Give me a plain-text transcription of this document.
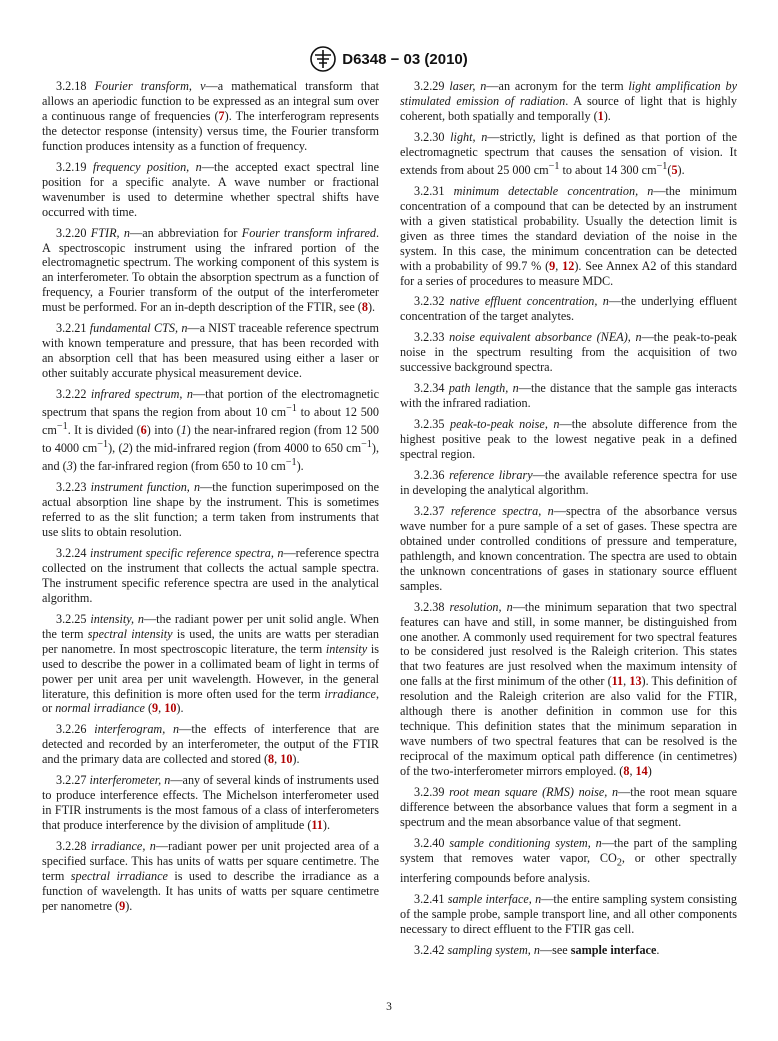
D6348 − 03 (2010)

3.2.18 Fourier transform, v—a mathematical transform that allows an aperiodic function to be expressed as an integral sum over a continuous range of frequencies (7). The interferogram represents the detector response (intensity) versus time, the Fourier transform function produces intensity as a function of frequency.

3.2.19 frequency position, n—the accepted exact spectral line position for a specific analyte. A wave number or fractional wavenumber is used to determine whether spectral shifts have occurred with time.

3.2.20 FTIR, n—an abbreviation for Fourier transform infrared. A spectroscopic instrument using the infrared portion of the electromagnetic spectrum. The working component of this system is an interferometer. To obtain the absorption spectrum as a function of frequency, a Fourier transform of the output of the interferometer must be performed. For an in-depth description of the FTIR, see (8).

3.2.21 fundamental CTS, n—a NIST traceable reference spectrum with known temperature and pressure, that has been recorded with an absorption cell that has been measured using either a laser or other suitably accurate physical measurement device.

3.2.22 infrared spectrum, n—that portion of the electromagnetic spectrum that spans the region from about 10 $cm^{-1}$ to about 12 500 $cm^{-1}$. It is divided (6) into (1) the near-infrared region (from 12 500 to 4000 $cm^{-1}$), (2) the mid-infrared region (from 4000 to 650 $cm^{-1}$), and (3) the far-infrared region (from 650 to 10 $cm^{-1}$).

3.2.23 instrument function, n—the function superimposed on the actual absorption line shape by the instrument. This is sometimes referred to as the slit function; a term taken from instruments that use slits to obtain resolution.

3.2.24 instrument specific reference spectra, n—reference spectra collected on the instrument that collects the actual sample spectra. The instrument specific reference spectra are used in the analytical algorithm.

3.2.25 intensity, n—the radiant power per unit solid angle. When the term spectral intensity is used, the units are watts per steradian per nanometre. In most spectroscopic literature, the term intensity is used to describe the power in a collimated beam of light in terms of power per unit area per unit wavelength. However, in the general literature, this definition is more often used for the term irradiance, or normal irradiance (9, 10).

3.2.26 interferogram, n—the effects of interference that are detected and recorded by an interferometer, the output of the FTIR and the primary data are collected and stored (8, 10).

3.2.27 interferometer, n—any of several kinds of instruments used to produce interference effects. The Michelson interferometer used in FTIR instruments is the most famous of a class of interferometers that produce interference by the division of amplitude (11).

3.2.28 irradiance, n—radiant power per unit projected area of a specified surface. This has units of watts per square centimetre. The term spectral irradiance is used to describe the irradiance as a function of wavelength. It has units of watts per square centimetre per nanometre (9).

3.2.29 laser, n—an acronym for the term light amplification by stimulated emission of radiation. A source of light that is highly coherent, both spatially and temporally (1).

3.2.30 light, n—strictly, light is defined as that portion of the electromagnetic spectrum that causes the sensation of vision. It extends from about 25 000 $cm^{-1}$ to about 14 300 $cm^{-1}(5)$.

3.2.31 minimum detectable concentration, n—the minimum concentration of a compound that can be detected by an instrument with a given statistical probability. Usually the detection limit is given as three times the standard deviation of the noise in the system. In this case, the minimum concentration can be detected with a probability of 99.7 % (9, 12). See Annex A2 of this standard for a series of procedures to measure MDC.

3.2.32 native effluent concentration, n—the underlying effluent concentration of the target analytes.

3.2.33 noise equivalent absorbance (NEA), n—the peak-to-peak noise in the spectrum resulting from the acquisition of two successive background spectra.

3.2.34 path length, n—the distance that the sample gas interacts with the infrared radiation.

3.2.35 peak-to-peak noise, n—the absolute difference from the highest positive peak to the lowest negative peak in a defined spectral region.

3.2.36 reference library—the available reference spectra for use in developing the analytical algorithm.

3.2.37 reference spectra, n—spectra of the absorbance versus wave number for a pure sample of a set of gases. These spectra are obtained under controlled conditions of pressure and temperature, pathlength, and known concentration. The spectra are used to obtain the unknown concentrations of gases in stationary source effluent samples.

3.2.38 resolution, n—the minimum separation that two spectral features can have and still, in some manner, be distinguished from one another. A commonly used requirement for two spectral features to be considered just resolved is the Raleigh criterion. This states that two features are just resolved when the maximum intensity of one falls at the first minimum of the other (11, 13). This definition of resolution and the Raleigh criterion are also valid for the FTIR, although there is another definition in common use for this technique. This definition states that the minimum separation in wave numbers of two spectral features that can be resolved is the reciprocal of the maximum optical path difference (in centimetres) of the two-interferometer mirrors employed. (8, 14)

3.2.39 root mean square (RMS) noise, n—the root mean square difference between the absorbance values that form a segment in a spectrum and the mean absorbance value of that segment.

3.2.40 sample conditioning system, n—the part of the sampling system that removes water vapor, $CO_2$, or other spectrally interfering compounds before analysis.

3.2.41 sample interface, n—the entire sampling system consisting of the sample probe, sample transport line, and all other components necessary to direct effluent to the FTIR gas cell.

3.2.42 sampling system, n—see sample interface.

3
